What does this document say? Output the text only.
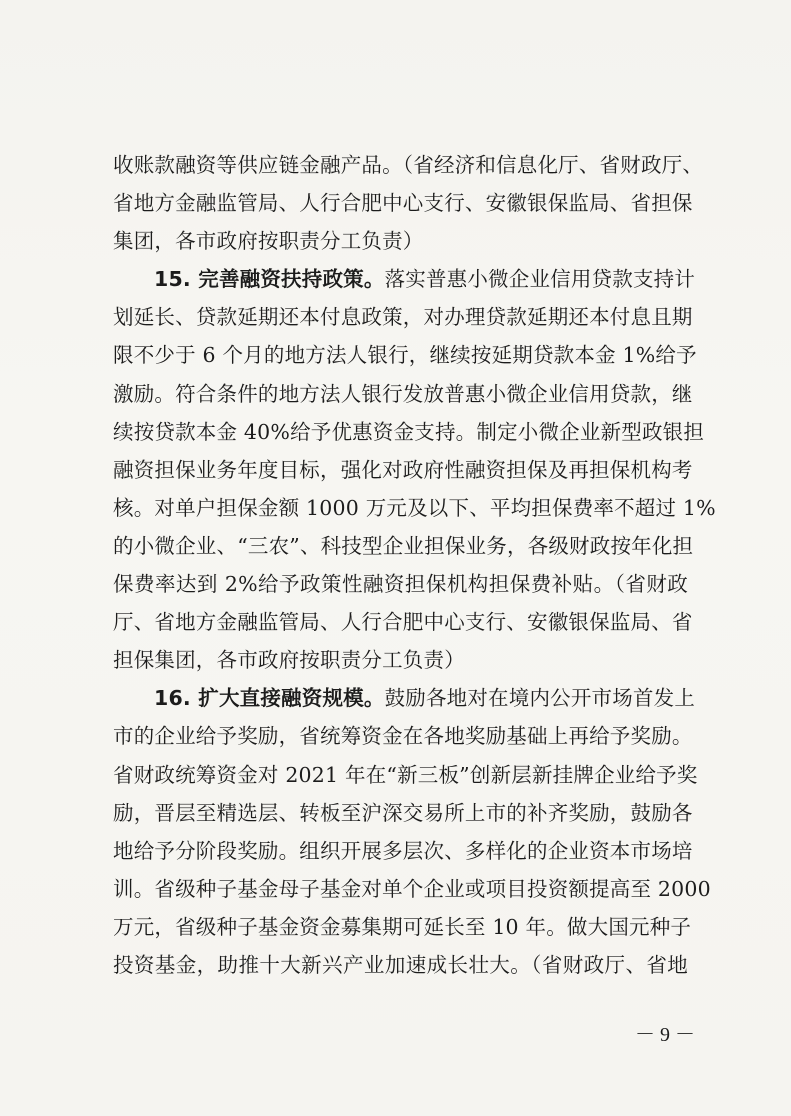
收账款融资等供应链金融产品。（省经济和信息化厅、省财政厅、
省地方金融监管局、人行合肥中心支行、安徽银保监局、省担保
集团，各市政府按职责分工负责）
15. 完善融资扶持政策。落实普惠小微企业信用贷款支持计
划延长、贷款延期还本付息政策，对办理贷款延期还本付息且期
限不少于 6 个月的地方法人银行，继续按延期贷款本金 1%给予
激励。符合条件的地方法人银行发放普惠小微企业信用贷款，继
续按贷款本金 40%给予优惠资金支持。制定小微企业新型政银担
融资担保业务年度目标，强化对政府性融资担保及再担保机构考
核。对单户担保金额 1000 万元及以下、平均担保费率不超过 1%
的小微企业、“三农”、科技型企业担保业务，各级财政按年化担
保费率达到 2%给予政策性融资担保机构担保费补贴。（省财政
厅、省地方金融监管局、人行合肥中心支行、安徽银保监局、省
担保集团，各市政府按职责分工负责）
16. 扩大直接融资规模。鼓励各地对在境内公开市场首发上
市的企业给予奖励，省统筹资金在各地奖励基础上再给予奖励。
省财政统筹资金对 2021 年在“新三板”创新层新挂牌企业给予奖
励，晋层至精选层、转板至沪深交易所上市的补齐奖励，鼓励各
地给予分阶段奖励。组织开展多层次、多样化的企业资本市场培
训。省级种子基金母子基金对单个企业或项目投资额提高至 2000
万元，省级种子基金资金募集期可延长至 10 年。做大国元种子
投资基金，助推十大新兴产业加速成长壮大。（省财政厅、省地
－ 9 －
